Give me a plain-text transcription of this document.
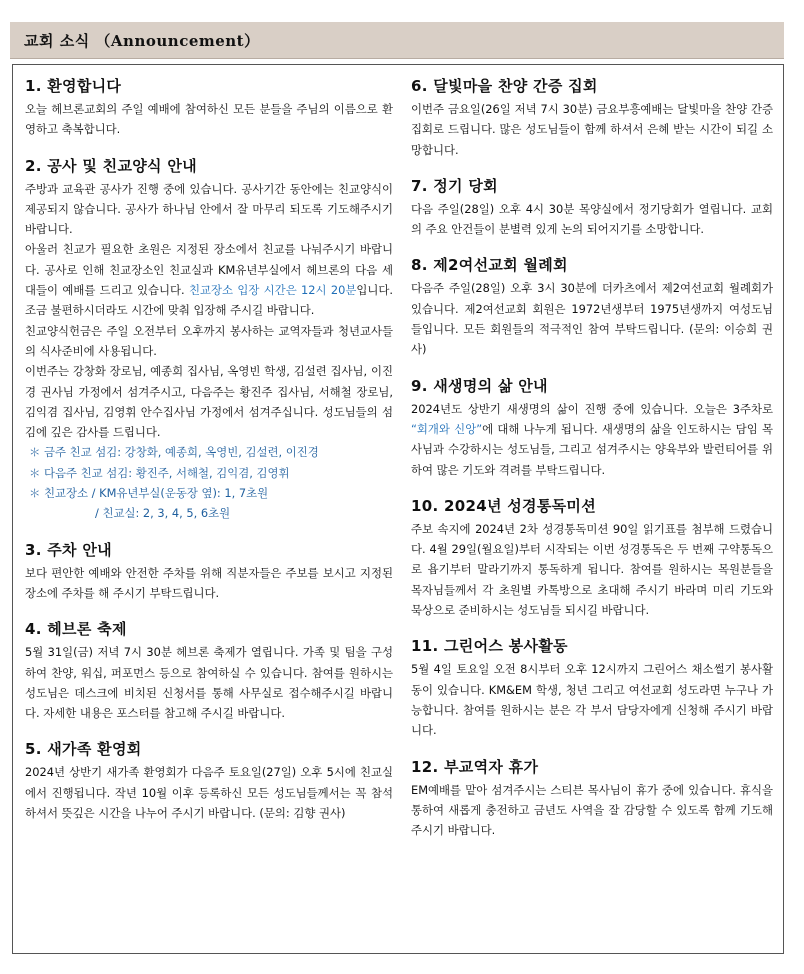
교회 소식 （Announcement）
1. 환영합니다

오늘 헤브론교회의 주일 예배에 참여하신 모든 분들을 주님의 이름으로 환영하고 축복합니다.

2. 공사 및 친교양식 안내

주방과 교육관 공사가 진행 중에 있습니다. 공사기간 동안에는 친교양식이 제공되지 않습니다. 공사가 하나님 안에서 잘 마무리 되도록 기도해주시기 바랍니다.

아울러 친교가 필요한 초원은 지정된 장소에서 친교를 나눠주시기 바랍니다. 공사로 인해 친교장소인 친교실과 KM유년부실에서 헤브론의 다음 세대들이 예배를 드리고 있습니다. 친교장소 입장 시간은 12시 20분입니다. 조금 불편하시더라도 시간에 맞춰 입장해 주시길 바랍니다.

친교양식헌금은 주일 오전부터 오후까지 봉사하는 교역자들과 청년교사들의 식사준비에 사용됩니다.

이번주는 강창화 장로님, 예종희 집사님, 옥영빈 학생, 김설련 집사님, 이진경 권사님 가정에서 섬겨주시고, 다음주는 황진주 집사님, 서해철 장로님, 김익겸 집사님, 김영휘 안수집사님 가정에서 섬겨주십니다. 성도님들의 섬김에 깊은 감사를 드립니다.

＊ 금주 친교 섬김: 강창화, 예종희, 옥영빈, 김설련, 이진경
＊ 다음주 친교 섬김: 황진주, 서해철, 김익겸, 김영휘
＊ 친교장소 / KM유년부실(운동장 옆): 1, 7초원
/ 친교실: 2, 3, 4, 5, 6초원
3. 주차 안내

보다 편안한 예배와 안전한 주차를 위해 직분자들은 주보를 보시고 지정된 장소에 주차를 해 주시기 부탁드립니다.

4. 헤브론 축제

5월 31일(금) 저녁 7시 30분 헤브론 축제가 열립니다. 가족 및 팀을 구성하여 찬양, 워십, 퍼포먼스 등으로 참여하실 수 있습니다. 참여를 원하시는 성도님은 데스크에 비치된 신청서를 통해 사무실로 접수해주시길 바랍니다. 자세한 내용은 포스터를 참고해 주시길 바랍니다.

5. 새가족 환영회

2024년 상반기 새가족 환영회가 다음주 토요일(27일) 오후 5시에 친교실에서 진행됩니다. 작년 10월 이후 등록하신 모든 성도님들께서는 꼭 참석하셔서 뜻깊은 시간을 나누어 주시기 바랍니다. (문의: 김향 권사)

6. 달빛마을 찬양 간증 집회

이번주 금요일(26일 저녁 7시 30분) 금요부흥예배는 달빛마을 찬양 간증 집회로 드립니다. 많은 성도님들이 함께 하셔서 은혜 받는 시간이 되길 소망합니다.

7. 정기 당회

다음 주일(28일) 오후 4시 30분 목양실에서 정기당회가 열립니다. 교회의 주요 안건들이 분별력 있게 논의 되어지기를 소망합니다.

8. 제2여선교회 월례회

다음주 주일(28일) 오후 3시 30분에 더카츠에서 제2여선교회 월례회가 있습니다. 제2여선교회 회원은 1972년생부터 1975년생까지 여성도님들입니다. 모든 회원들의 적극적인 참여 부탁드립니다. (문의: 이승희 권사)

9. 새생명의 삶 안내

2024년도 상반기 새생명의 삶이 진행 중에 있습니다. 오늘은 3주차로 “회개와 신앙”에 대해 나누게 됩니다. 새생명의 삶을 인도하시는 담임 목사님과 수강하시는 성도님들, 그리고 섬겨주시는 양육부와 발런티어를 위하여 많은 기도와 격려를 부탁드립니다.

10. 2024년 성경통독미션

주보 속지에 2024년 2차 성경통독미션 90일 읽기표를 첨부해 드렸습니다. 4월 29일(월요일)부터 시작되는 이번 성경통독은 두 번째 구약통독으로 욥기부터 말라기까지 통독하게 됩니다. 참여를 원하시는 목원분들을 목자님들께서 각 초원별 카톡방으로 초대해 주시기 바라며 미리 기도와 묵상으로 준비하시는 성도님들 되시길 바랍니다.

11. 그린어스 봉사활동

5월 4일 토요일 오전 8시부터 오후 12시까지 그린어스 채소썰기 봉사활동이 있습니다. KM&EM 학생, 청년 그리고 여선교회 성도라면 누구나 가능합니다. 참여를 원하시는 분은 각 부서 담당자에게 신청해 주시기 바랍니다.

12. 부교역자 휴가

EM예배를 맡아 섬겨주시는 스티븐 목사님이 휴가 중에 있습니다. 휴식을 통하여 새롭게 충전하고 금년도 사역을 잘 감당할 수 있도록 함께 기도해 주시기 바랍니다.
